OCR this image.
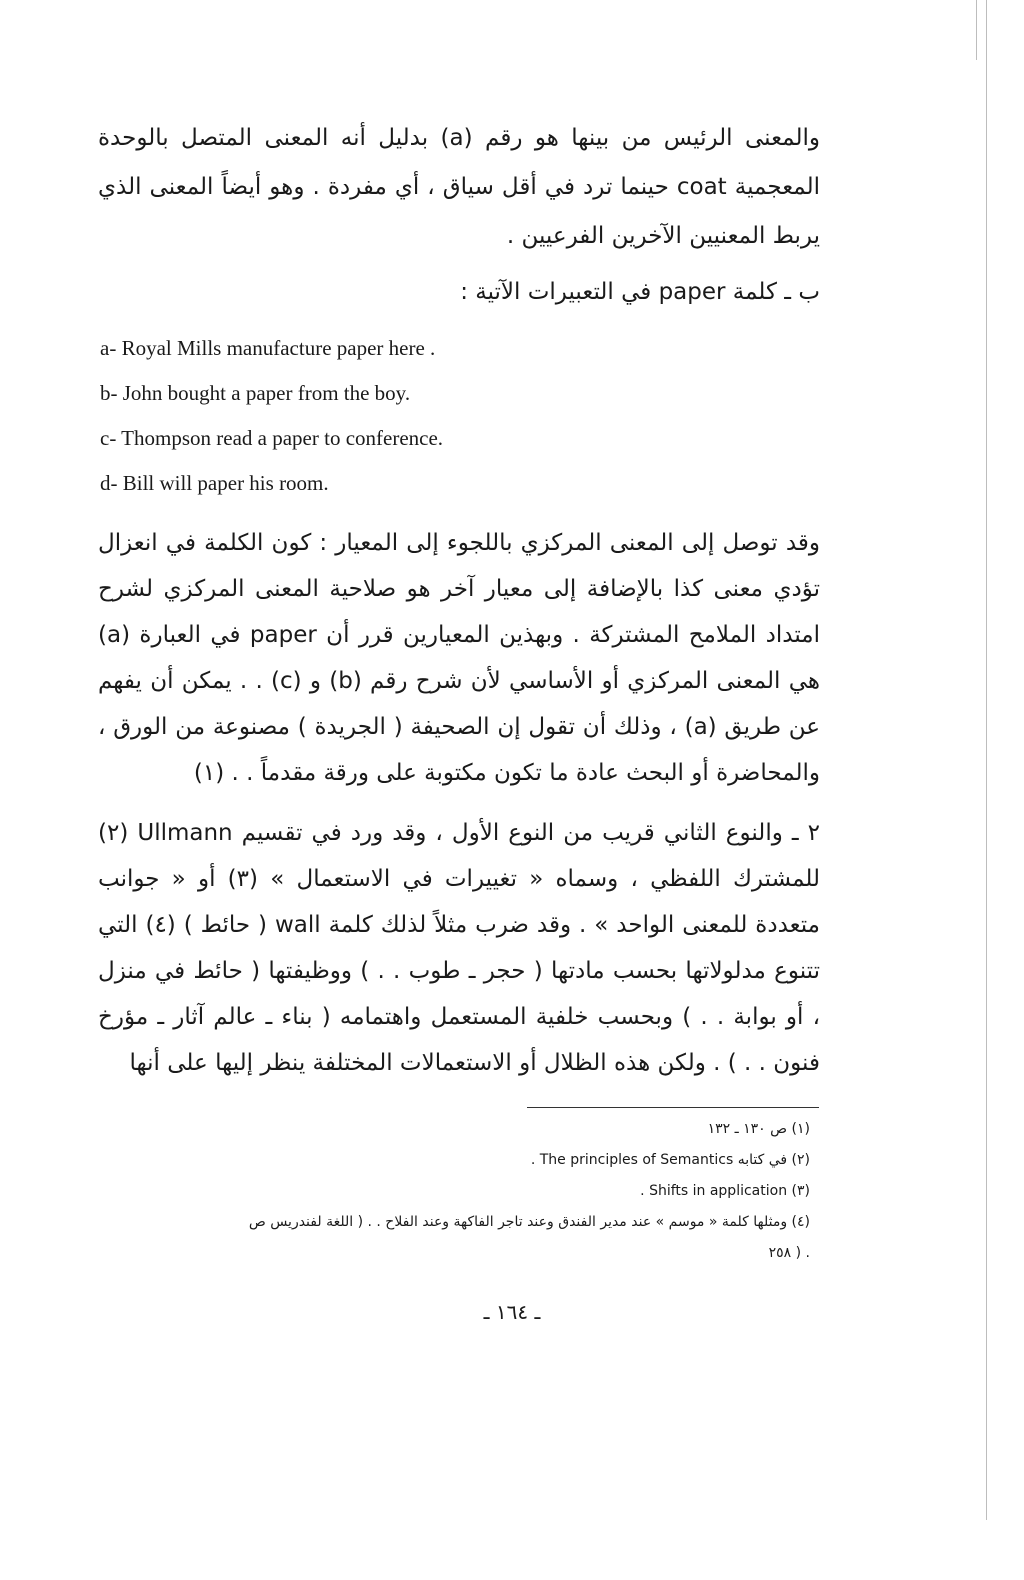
والمعنى الرئيس من بينها هو رقم (a) بدليل أنه المعنى المتصل بالوحدة المعجمية coat حينما ترد في أقل سياق ، أي مفردة . وهو أيضاً المعنى الذي يربط المعنيين الآخرين الفرعيين .

ب ـ كلمة paper في التعبيرات الآتية :

a- Royal Mills manufacture paper here .
b- John bought a paper from the boy.
c- Thompson read a paper to conference.
d- Bill will paper his room.

وقد توصل إلى المعنى المركزي باللجوء إلى المعيار : كون الكلمة في انعزال تؤدي معنى كذا بالإضافة إلى معيار آخر هو صلاحية المعنى المركزي لشرح امتداد الملامح المشتركة . وبهذين المعيارين قرر أن paper في العبارة (a) هي المعنى المركزي أو الأساسي لأن شرح رقم (b) و (c) . . يمكن أن يفهم عن طريق (a) ، وذلك أن تقول إن الصحيفة ( الجريدة ) مصنوعة من الورق ، والمحاضرة أو البحث عادة ما تكون مكتوبة على ورقة مقدماً . . (١)

٢ ـ والنوع الثاني قريب من النوع الأول ، وقد ورد في تقسيم Ullmann (٢) للمشترك اللفظي ، وسماه « تغييرات في الاستعمال » (٣) أو « جوانب متعددة للمعنى الواحد » . وقد ضرب مثلاً لذلك كلمة wall ( حائط ) (٤) التي تتنوع مدلولاتها بحسب مادتها ( حجر ـ طوب . . ) ووظيفتها ( حائط في منزل ، أو بوابة . . ) وبحسب خلفية المستعمل واهتمامه ( بناء ـ عالم آثار ـ مؤرخ فنون . . ) . ولكن هذه الظلال أو الاستعمالات المختلفة ينظر إليها على أنها

(١) ص ١٣٠ ـ ١٣٢
(٢) في كتابه The principles of Semantics .
(٣) Shifts in application .
(٤) ومثلها كلمة « موسم » عند مدير الفندق وعند تاجر الفاكهة وعند الفلاح . . ( اللغة لفندريس ص
. ( ٢٥٨
ـ ١٦٤ ـ
